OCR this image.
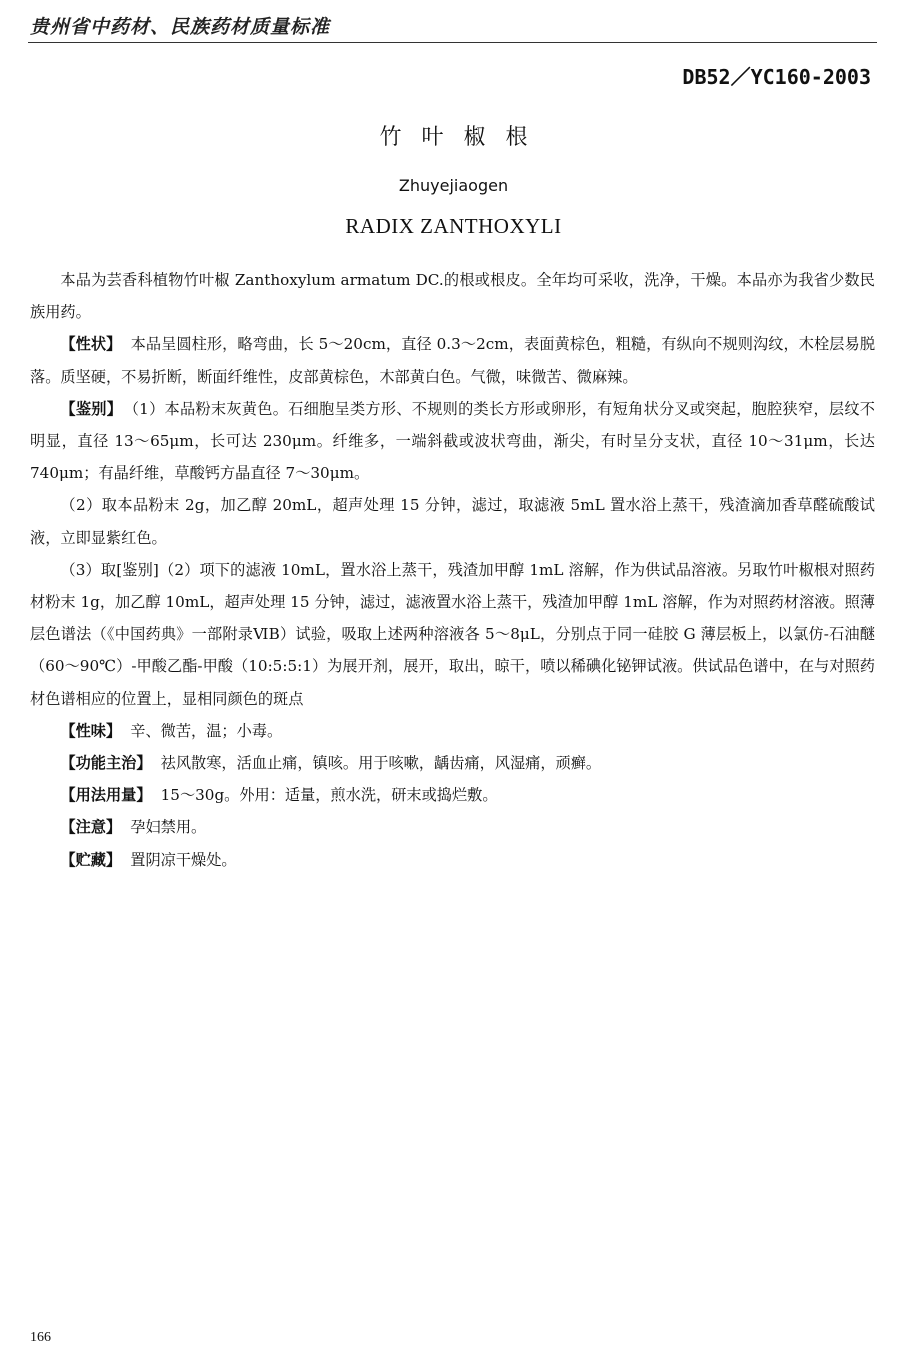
贵州省中药材、民族药材质量标准
DB52／YC160-2003
竹叶椒根
Zhuyejiaogen
RADIX ZANTHOXYLI

本品为芸香科植物竹叶椒 Zanthoxylum armatum DC.的根或根皮。全年均可采收，洗净，干燥。本品亦为我省少数民族用药。

【性状】 本品呈圆柱形，略弯曲，长 5～20cm，直径 0.3～2cm，表面黄棕色，粗糙，有纵向不规则沟纹，木栓层易脱落。质坚硬，不易折断，断面纤维性，皮部黄棕色，木部黄白色。气微，味微苦、微麻辣。

【鉴别】 （1）本品粉末灰黄色。石细胞呈类方形、不规则的类长方形或卵形，有短角状分叉或突起，胞腔狭窄，层纹不明显，直径 13～65μm，长可达 230μm。纤维多，一端斜截或波状弯曲，渐尖，有时呈分支状，直径 10～31μm，长达 740μm；有晶纤维，草酸钙方晶直径 7～30μm。

（2）取本品粉末 2g，加乙醇 20mL，超声处理 15 分钟，滤过，取滤液 5mL 置水浴上蒸干，残渣滴加香草醛硫酸试液，立即显紫红色。

（3）取[鉴别]（2）项下的滤液 10mL，置水浴上蒸干，残渣加甲醇 1mL 溶解，作为供试品溶液。另取竹叶椒根对照药材粉末 1g，加乙醇 10mL，超声处理 15 分钟，滤过，滤液置水浴上蒸干，残渣加甲醇 1mL 溶解，作为对照药材溶液。照薄层色谱法（《中国药典》一部附录ⅥB）试验，吸取上述两种溶液各 5～8μL，分别点于同一硅胶 G 薄层板上，以氯仿-石油醚（60～90℃）-甲酸乙酯-甲酸（10:5:5:1）为展开剂，展开，取出，晾干，喷以稀碘化铋钾试液。供试品色谱中，在与对照药材色谱相应的位置上，显相同颜色的斑点

【性味】 辛、微苦，温；小毒。

【功能主治】 祛风散寒，活血止痛，镇咳。用于咳嗽，龋齿痛，风湿痛，顽癣。

【用法用量】 15～30g。外用：适量，煎水洗，研末或捣烂敷。

【注意】 孕妇禁用。

【贮藏】 置阴凉干燥处。

166
